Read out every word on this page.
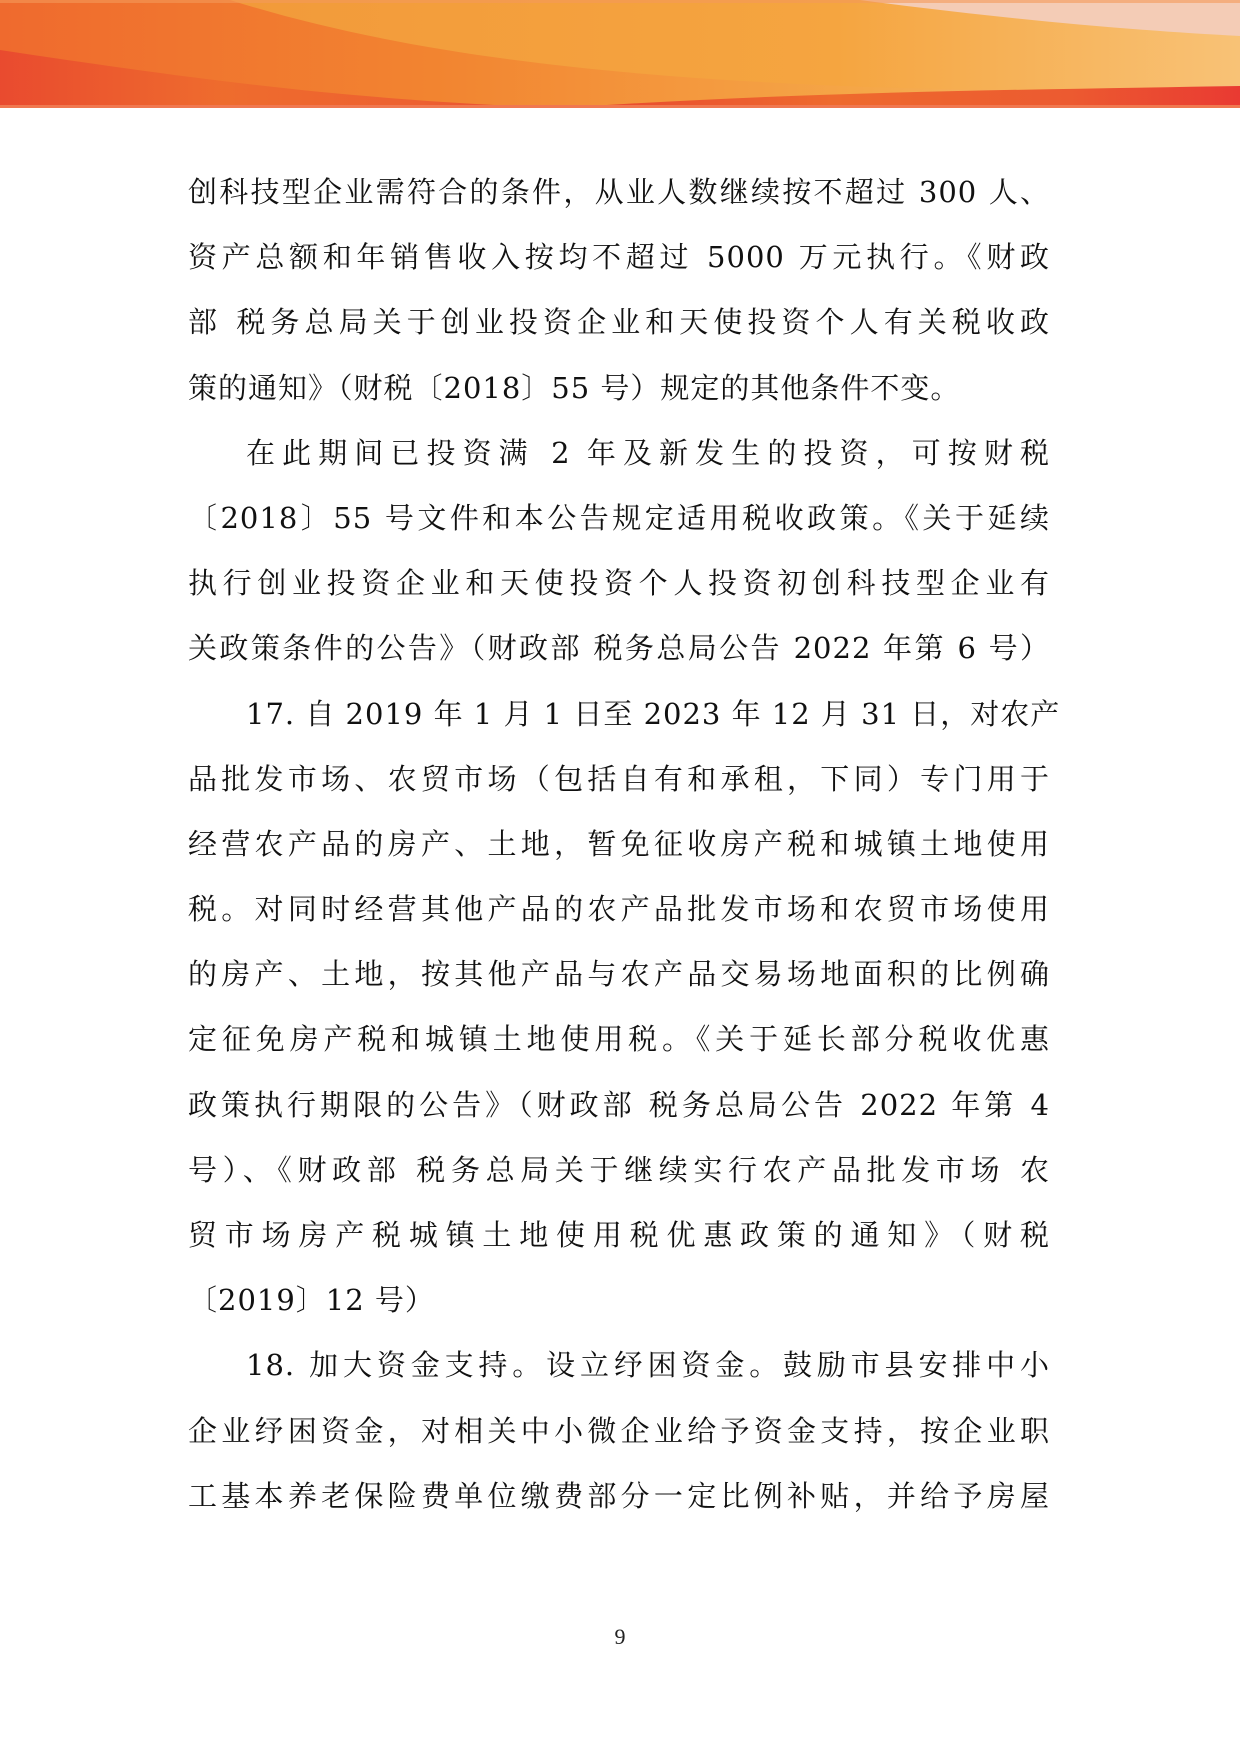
创科技型企业需符合的条件，从业人数继续按不超过 300 人、
资产总额和年销售收入按均不超过 5000 万元执行。《财政
部 税务总局关于创业投资企业和天使投资个人有关税收政
策的通知》（财税〔2018〕55 号）规定的其他条件不变。
在此期间已投资满 2 年及新发生的投资，可按财税
〔2018〕55 号文件和本公告规定适用税收政策。《关于延续
执行创业投资企业和天使投资个人投资初创科技型企业有
关政策条件的公告》（财政部 税务总局公告 2022 年第 6 号）
17. 自 2019 年 1 月 1 日至 2023 年 12 月 31 日，对农产
品批发市场、农贸市场（包括自有和承租，下同）专门用于
经营农产品的房产、土地，暂免征收房产税和城镇土地使用
税。对同时经营其他产品的农产品批发市场和农贸市场使用
的房产、土地，按其他产品与农产品交易场地面积的比例确
定征免房产税和城镇土地使用税。《关于延长部分税收优惠
政策执行期限的公告》（财政部 税务总局公告 2022 年第 4
号）、《财政部 税务总局关于继续实行农产品批发市场 农
贸市场房产税城镇土地使用税优惠政策的通知》（财税
〔2019〕12 号）
18. 加大资金支持。设立纾困资金。鼓励市县安排中小
企业纾困资金，对相关中小微企业给予资金支持，按企业职
工基本养老保险费单位缴费部分一定比例补贴，并给予房屋
9
